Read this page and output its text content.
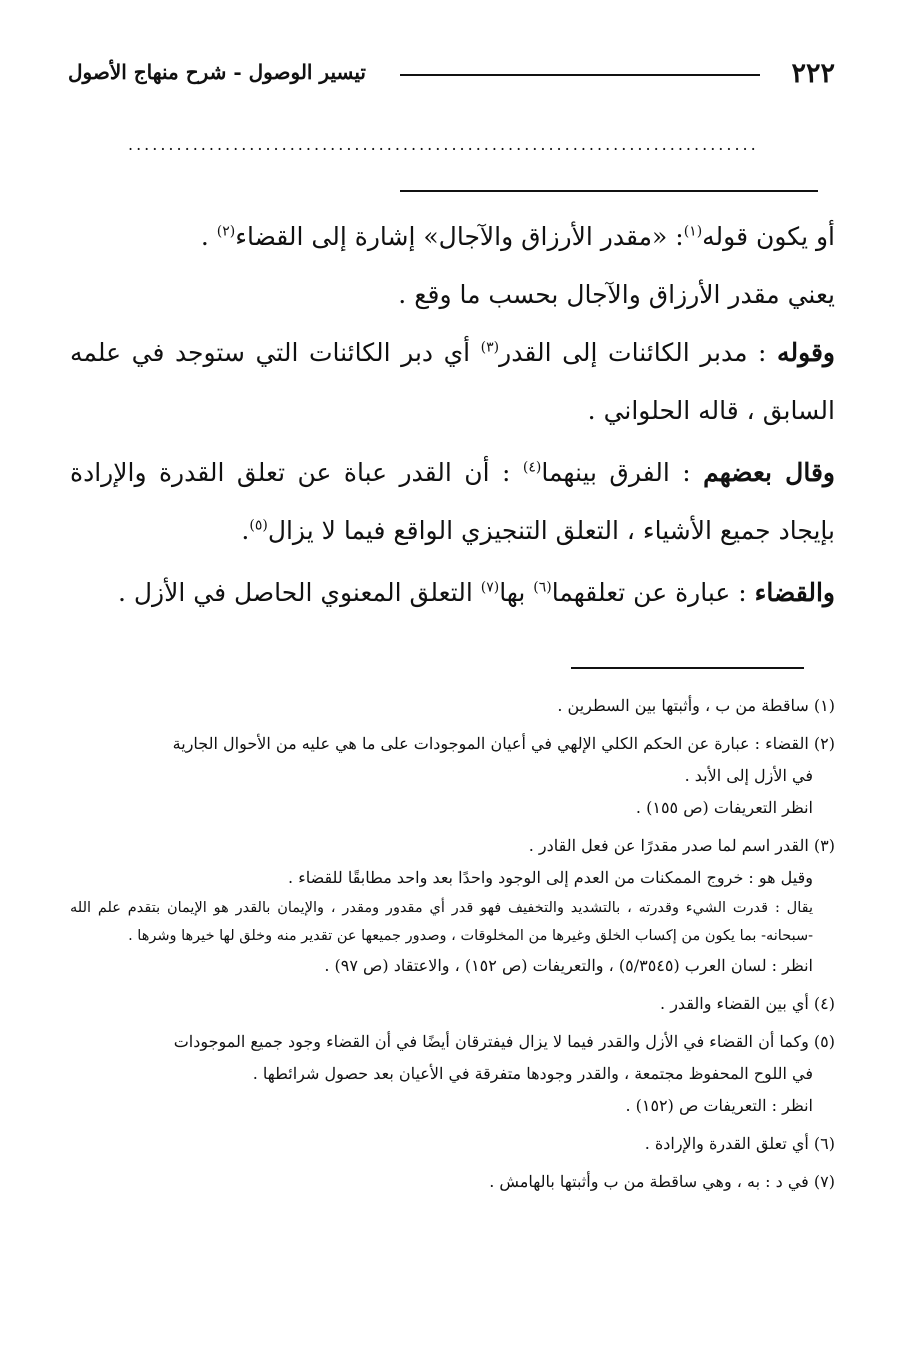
٢٢٢
تيسير الوصول - شرح منهاج الأصول
..............................................................................

أو يكون قوله$^{(١)}$: «مقدر الأرزاق والآجال» إشارة إلى القضاء$^{(٢)}$ .

يعني مقدر الأرزاق والآجال بحسب ما وقع .

وقوله : مدبر الكائنات إلى القدر$^{(٣)}$ أي دبر الكائنات التي ستوجد في علمه السابق ، قاله الحلواني .

وقال بعضهم : الفرق بينهما$^{(٤)}$ : أن القدر عباة عن تعلق القدرة والإرادة بإيجاد جميع الأشياء ، التعلق التنجيزي الواقع فيما لا يزال$^{(٥)}$.

والقضاء : عبارة عن تعلقهما$^{(٦)}$ بها$^{(٧)}$ التعلق المعنوي الحاصل في الأزل .

(١) ساقطة من ب ، وأثبتها بين السطرين .
(٢) القضاء : عبارة عن الحكم الكلي الإلهي في أعيان الموجودات على ما هي عليه من الأحوال الجارية
في الأزل إلى الأبد .
انظر التعريفات (ص ١٥٥) .
(٣) القدر اسم لما صدر مقدرًا عن فعل القادر .
وقيل هو : خروج الممكنات من العدم إلى الوجود واحدًا بعد واحد مطابقًا للقضاء .
يقال : قدرت الشيء وقدرته ، بالتشديد والتخفيف فهو قدر أي مقدور ومقدر ، والإيمان بالقدر هو الإيمان بتقدم علم الله -سبحانه- بما يكون من إكساب الخلق وغيرها من المخلوقات ، وصدور جميعها عن تقدير منه وخلق لها خيرها وشرها .
انظر : لسان العرب (٥/٣٥٤٥) ، والتعريفات (ص ١٥٢) ، والاعتقاد (ص ٩٧) .
(٤) أي بين القضاء والقدر .
(٥) وكما أن القضاء في الأزل والقدر فيما لا يزال فيفترقان أيضًا في أن القضاء وجود جميع الموجودات
في اللوح المحفوظ مجتمعة ، والقدر وجودها متفرقة في الأعيان بعد حصول شرائطها .
انظر : التعريفات ص (١٥٢) .
(٦) أي تعلق القدرة والإرادة .
(٧) في د : به ، وهي ساقطة من ب وأثبتها بالهامش .
